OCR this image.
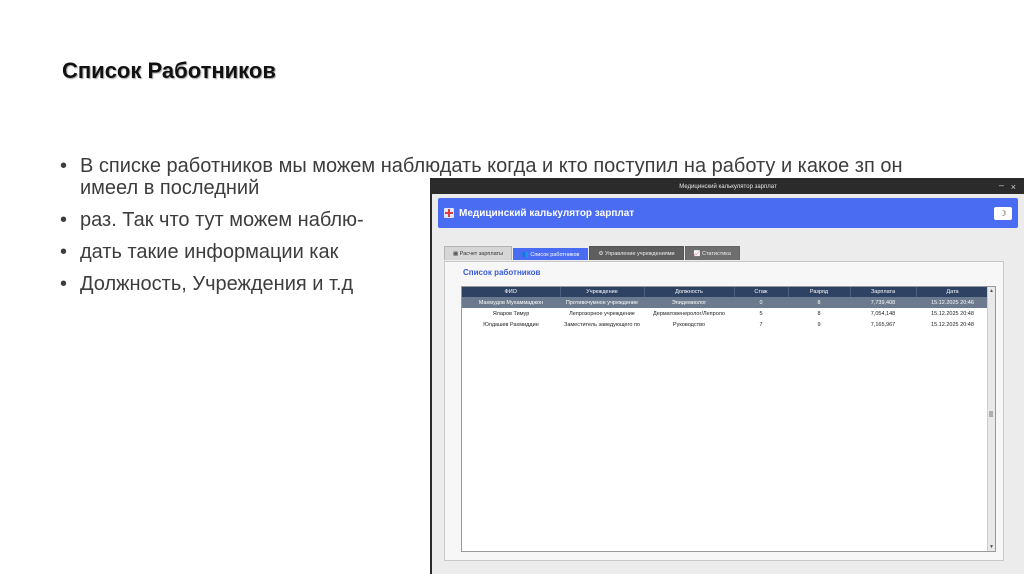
Список Работников
• В списке работников мы можем наблюдать когда и кто поступил на работу и какое зп он имеел в последний
• раз. Так что тут можем наблю-
• дать такие информации как
• Должность, Учреждения и т.д
Медицинский калькулятор зарплат	– ×
Медицинский калькулятор зарплат	☽
▦ Расчет зарплаты	👥 Список работников	⚙ Управление учреждениями	📈 Статистика
Список работников
ФИО	Учреждение	Должность	Стаж	Разряд	Зарплата	Дата
Махмудов Мухаммаджон	Противочумное учреждение	Эпидемиолог	0	8	7,739,408	15.12.2025 20:46
Яларов Тимур	Лепрозорное учреждение	Дерматовенеролог/Лепроло	5	8	7,054,148	15.12.2025 20:48
Юлдашев Рахмиддин	Заместитель заведующего по	Руководство	7	9	7,165,967	15.12.2025 20:48
▲
▼
